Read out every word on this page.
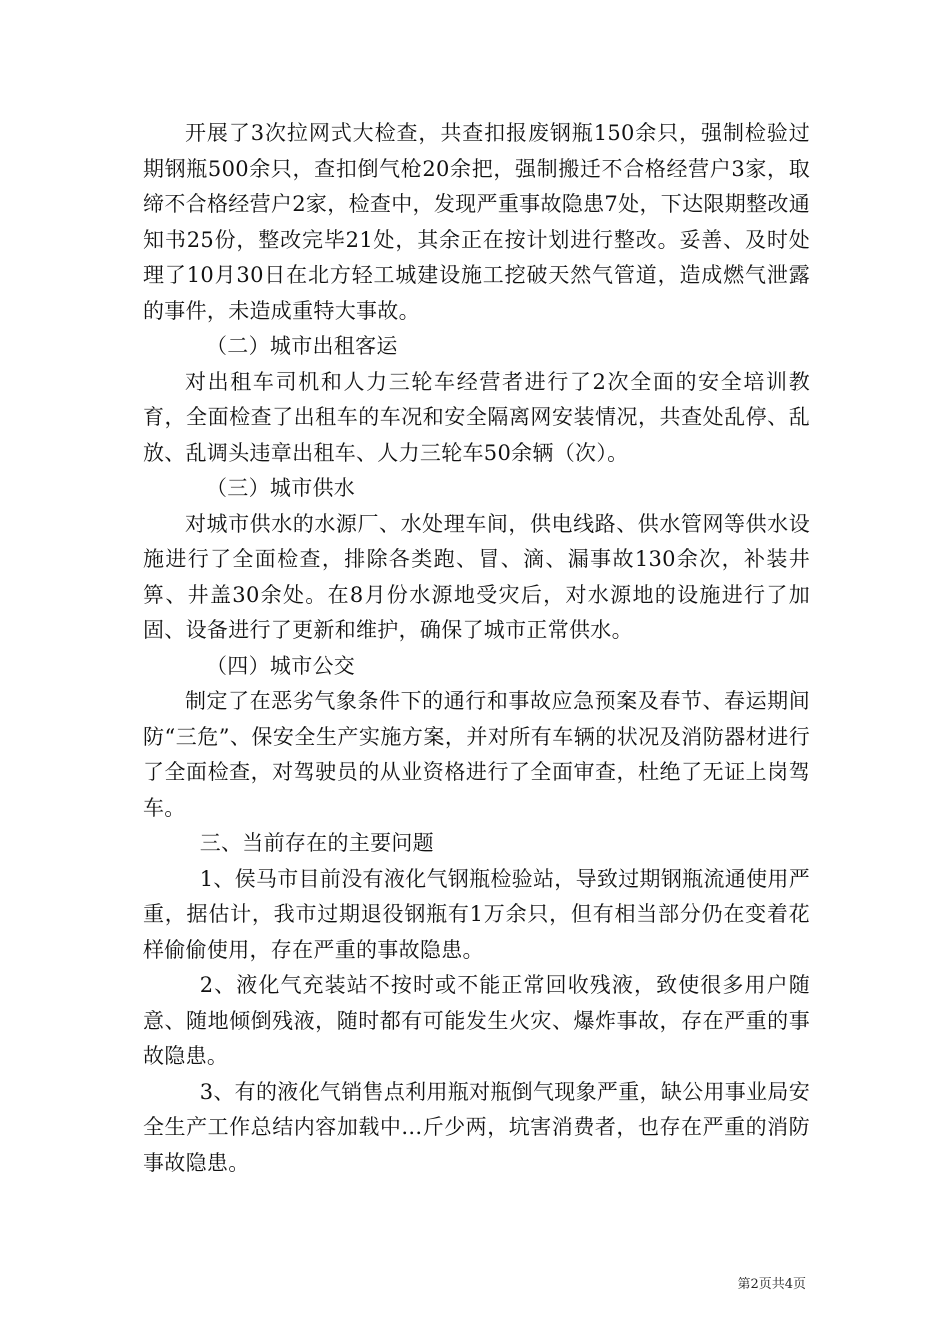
开展了3次拉网式大检查，共查扣报废钢瓶150余只，强制检验过期钢瓶500余只，查扣倒气枪20余把，强制搬迁不合格经营户3家，取缔不合格经营户2家，检查中，发现严重事故隐患7处，下达限期整改通知书25份，整改完毕21处，其余正在按计划进行整改。妥善、及时处理了10月30日在北方轻工城建设施工挖破天然气管道，造成燃气泄露的事件，未造成重特大事故。

（二）城市出租客运

对出租车司机和人力三轮车经营者进行了2次全面的安全培训教育，全面检查了出租车的车况和安全隔离网安装情况，共查处乱停、乱放、乱调头违章出租车、人力三轮车50余辆（次）。

（三）城市供水

对城市供水的水源厂、水处理车间，供电线路、供水管网等供水设施进行了全面检查，排除各类跑、冒、滴、漏事故130余次，补装井箅、井盖30余处。在8月份水源地受灾后，对水源地的设施进行了加固、设备进行了更新和维护，确保了城市正常供水。

（四）城市公交

制定了在恶劣气象条件下的通行和事故应急预案及春节、春运期间防“三危”、保安全生产实施方案，并对所有车辆的状况及消防器材进行了全面检查，对驾驶员的从业资格进行了全面审查，杜绝了无证上岗驾车。

三、当前存在的主要问题

1、侯马市目前没有液化气钢瓶检验站，导致过期钢瓶流通使用严重，据估计，我市过期退役钢瓶有1万余只，但有相当部分仍在变着花样偷偷使用，存在严重的事故隐患。

2、液化气充装站不按时或不能正常回收残液，致使很多用户随意、随地倾倒残液，随时都有可能发生火灾、爆炸事故，存在严重的事故隐患。

3、有的液化气销售点利用瓶对瓶倒气现象严重，缺公用事业局安全生产工作总结内容加载中...斤少两，坑害消费者，也存在严重的消防事故隐患。

第2页共4页
